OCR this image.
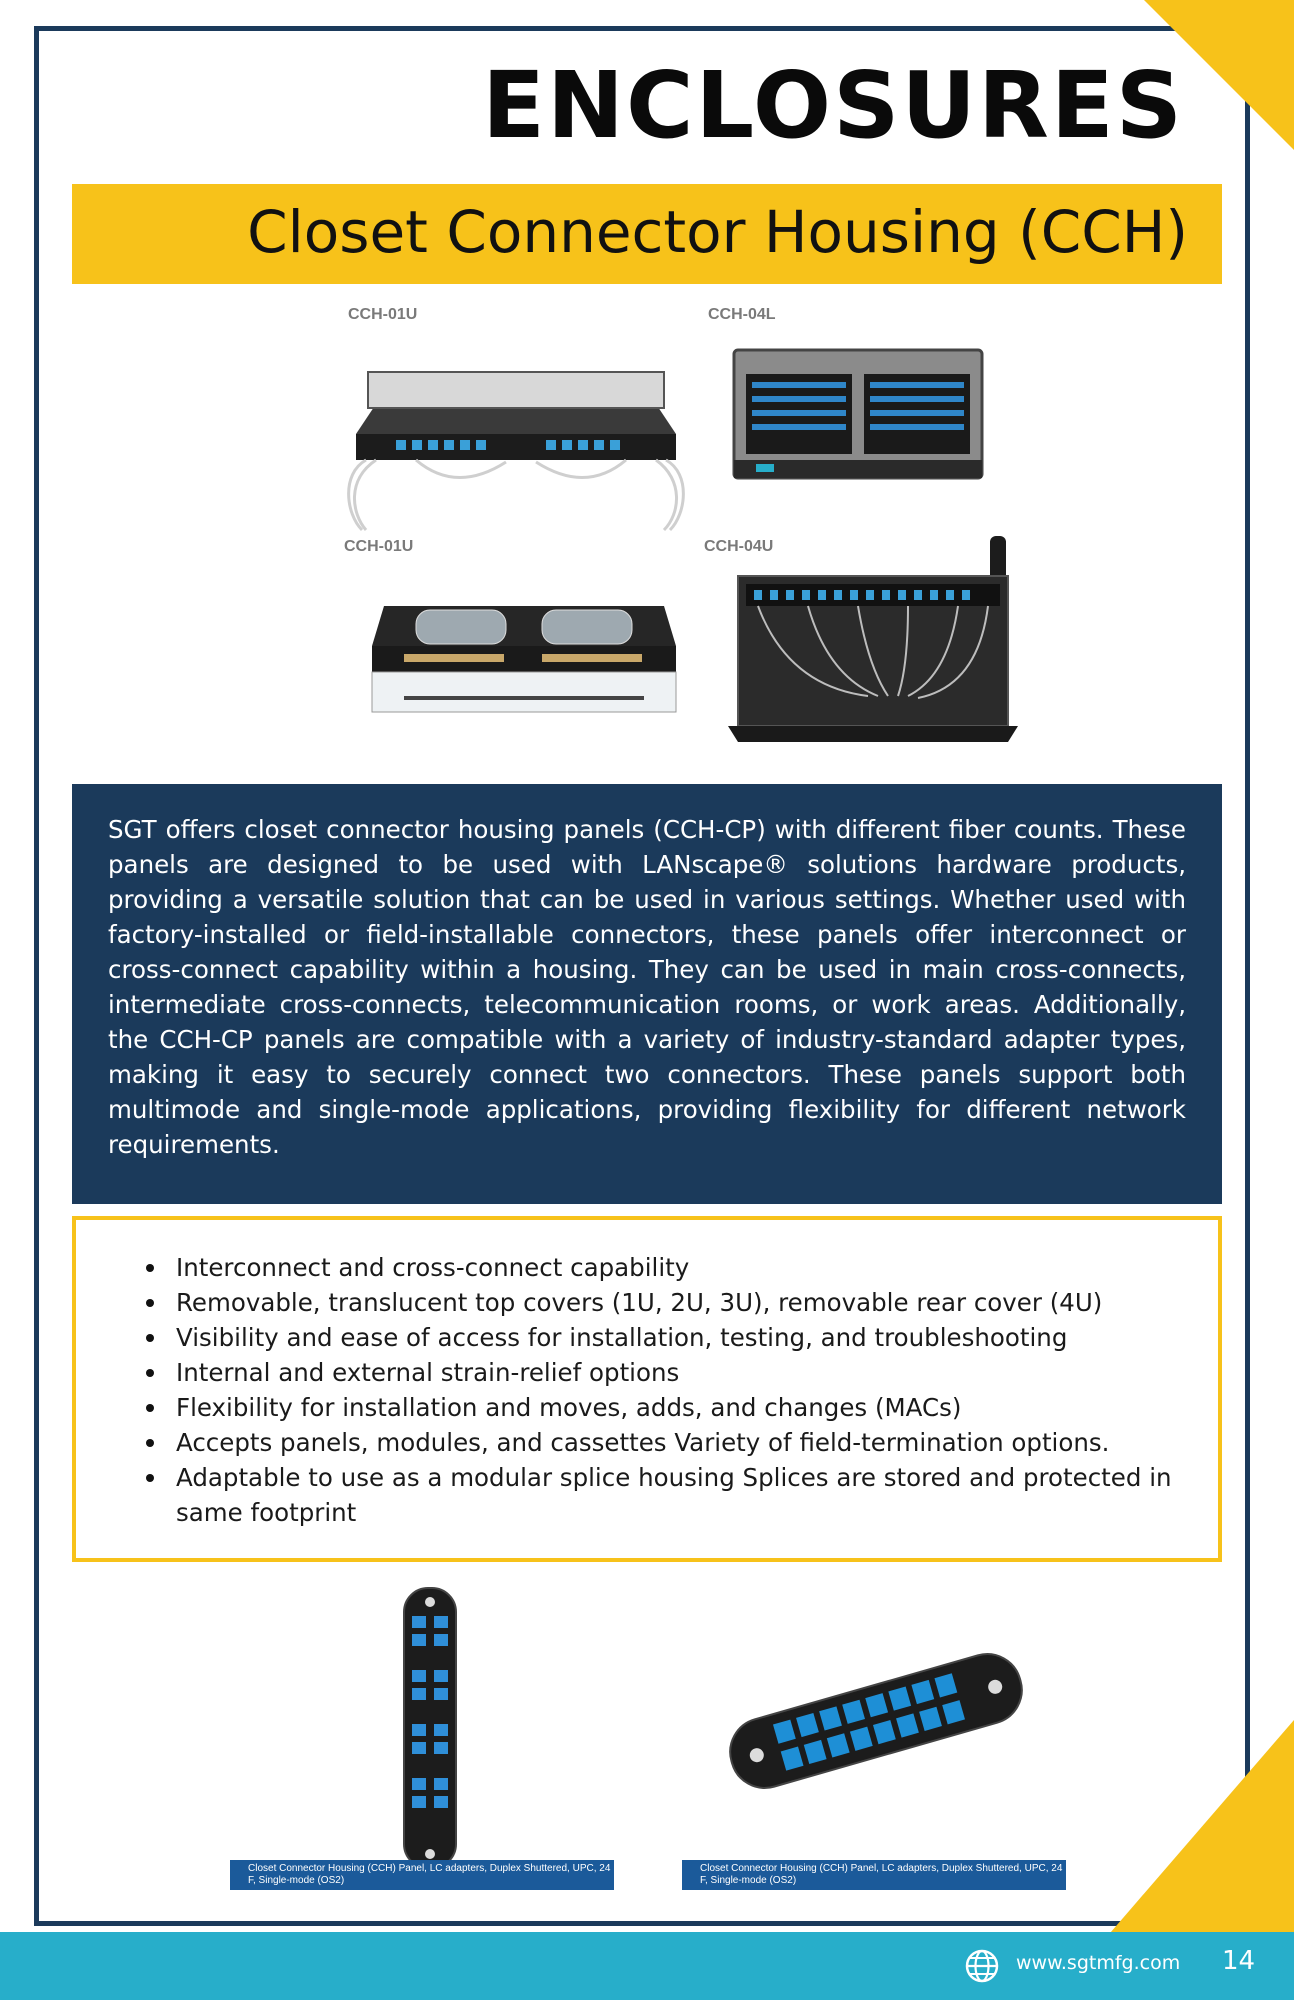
ENCLOSURES
Closet Connector Housing (CCH)
CCH-01U	CCH-04L
CCH-01U	CCH-04U

SGT offers closet connector housing panels (CCH-CP) with different fiber counts. These panels are designed to be used with LANscape® solutions hardware products, providing a versatile solution that can be used in various settings. Whether used with factory-installed or field-installable connectors, these panels offer interconnect or cross-connect capability within a housing. They can be used in main cross-connects, intermediate cross-connects, telecommunication rooms, or work areas. Additionally, the CCH-CP panels are compatible with a variety of industry-standard adapter types, making it easy to securely connect two connectors. These panels support both multimode and single-mode applications, providing flexibility for different network requirements.

Interconnect and cross-connect capability
Removable, translucent top covers (1U, 2U, 3U), removable rear cover (4U)
Visibility and ease of access for installation, testing, and troubleshooting
Internal and external strain-relief options
Flexibility for installation and moves, adds, and changes (MACs)
Accepts panels, modules, and cassettes Variety of field-termination options.
Adaptable to use as a modular splice housing Splices are stored and protected in same footprint
Closet Connector Housing (CCH) Panel, LC adapters, Duplex Shuttered, UPC, 24 F, Single-mode (OS2)
Closet Connector Housing (CCH) Panel, LC adapters, Duplex Shuttered, UPC, 24 F, Single-mode (OS2)
www.sgtmfg.com 14
